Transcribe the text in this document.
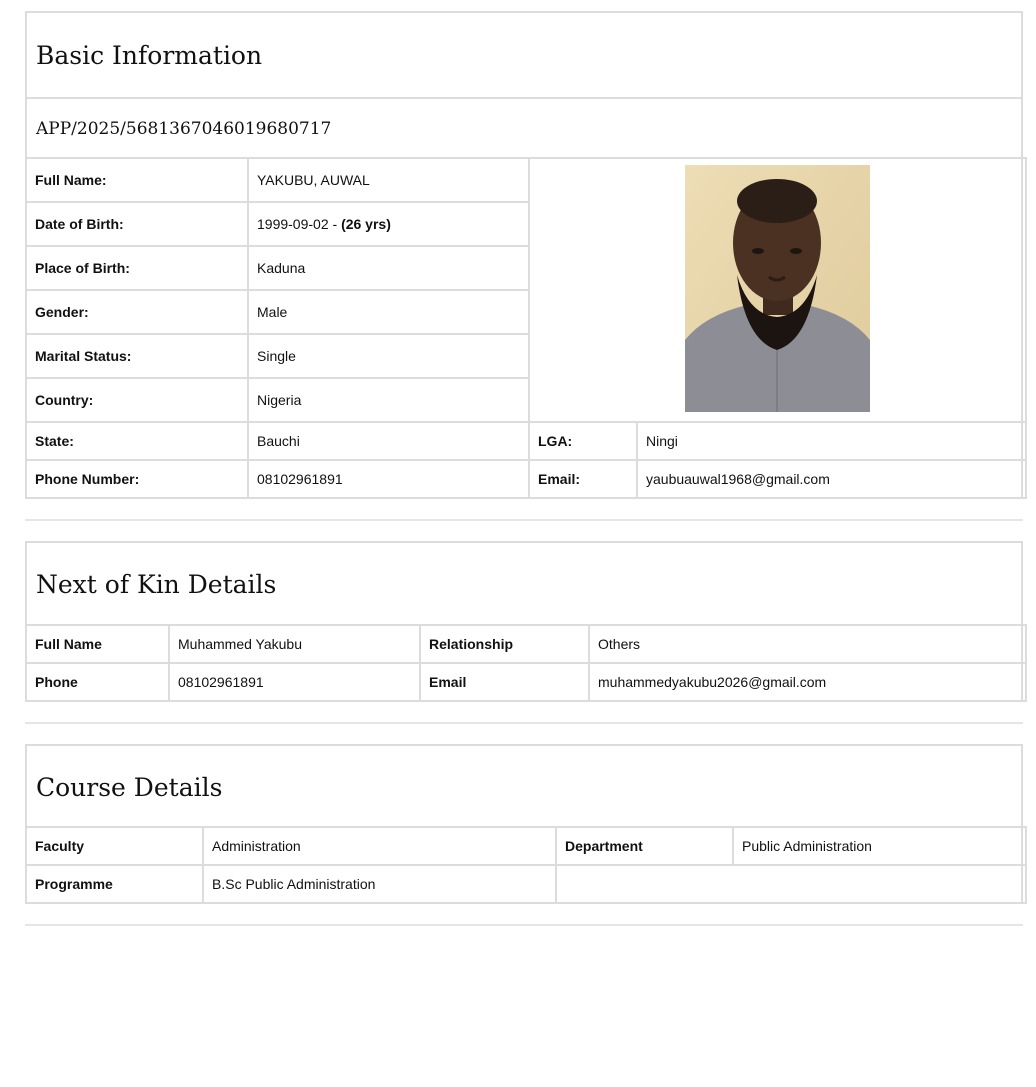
Basic Information
APP/2025/5681367046019680717
Full Name:	YAKUBU, AUWAL	
Date of Birth:	1999-09-02 - (26 yrs)		
Place of Birth:	Kaduna		
Gender:	Male		
Marital Status:	Single		
Country:	Nigeria		
State:	Bauchi	LGA:	Ningi
Phone Number:	08102961891	Email:	yaubuauwal1968@gmail.com
Next of Kin Details
Full Name	Muhammed Yakubu	Relationship	Others
Phone	08102961891	Email	muhammedyakubu2026@gmail.com
Course Details
Faculty	Administration	Department	Public Administration
Programme	B.Sc Public Administration		
